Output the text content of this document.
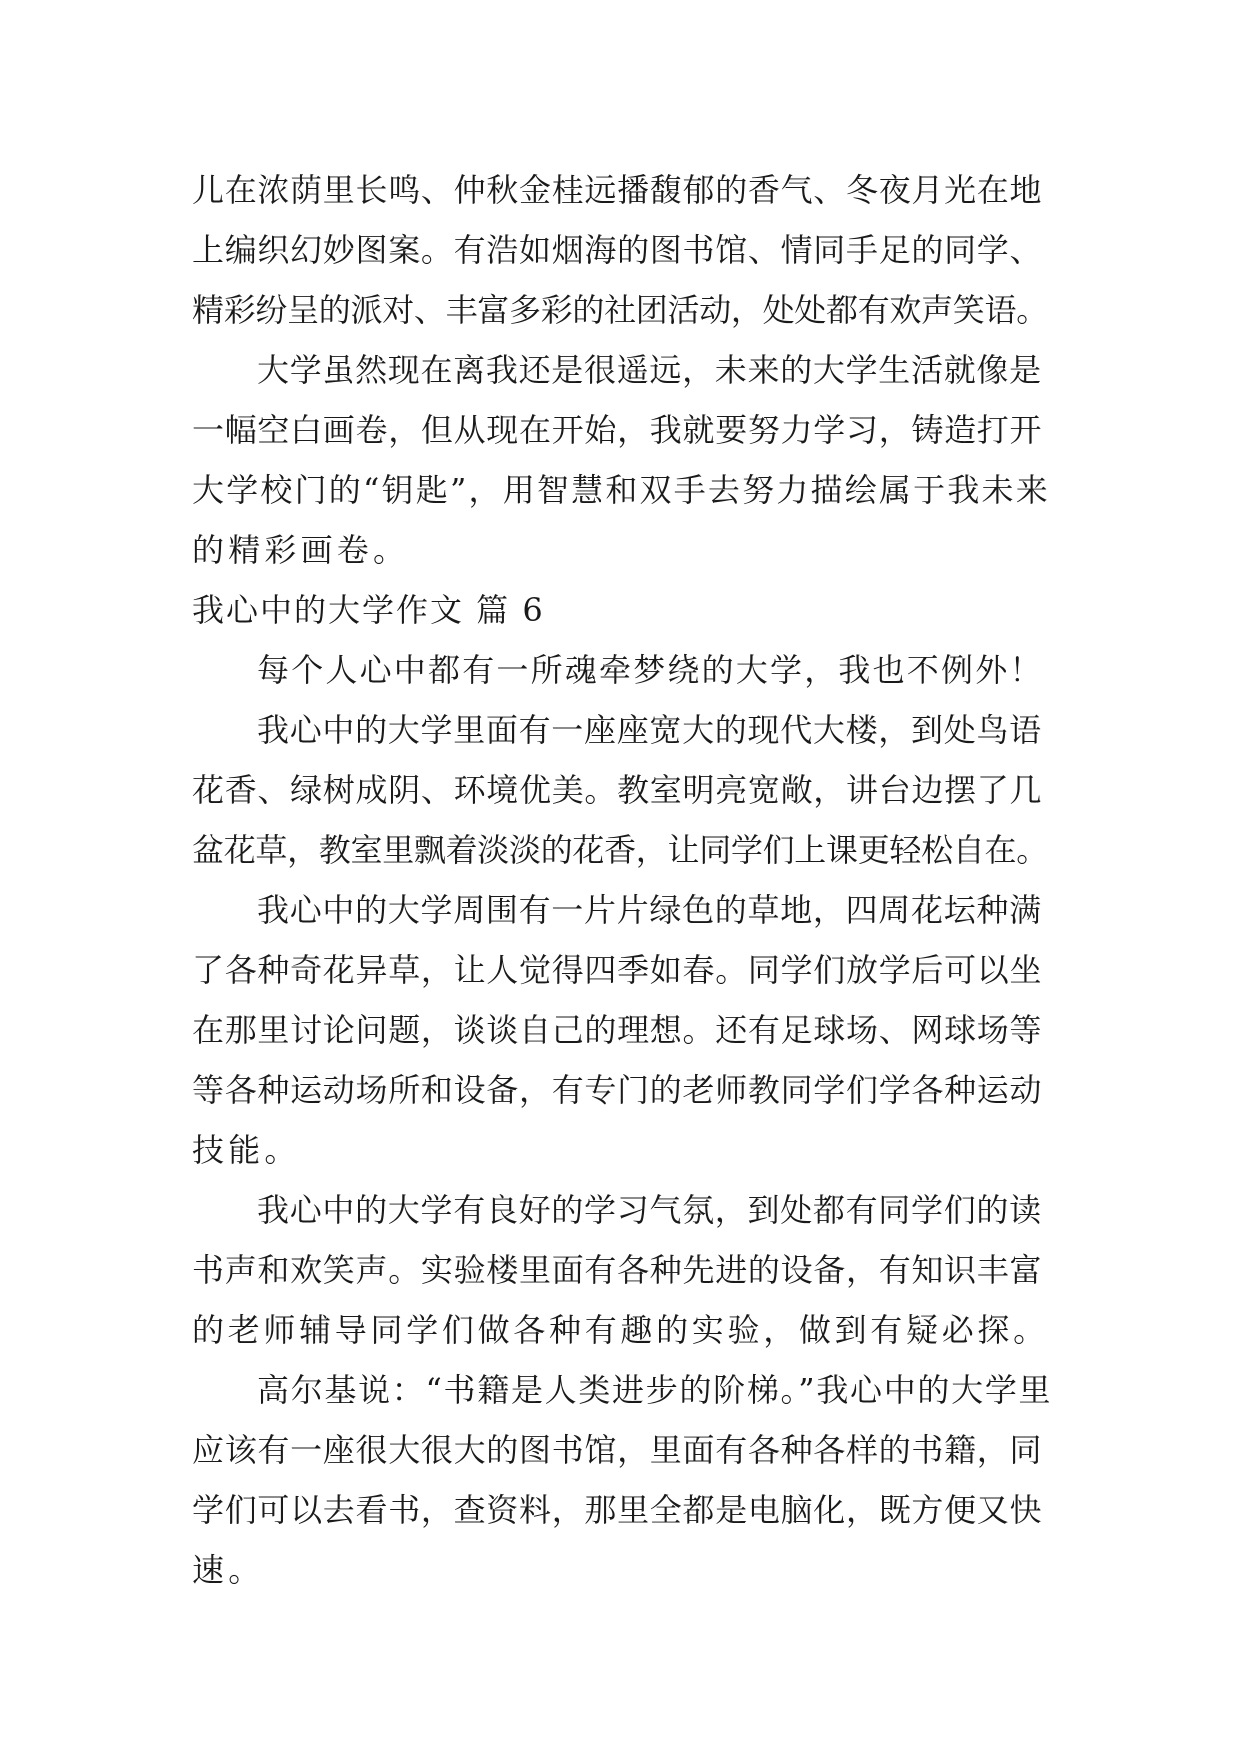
儿在浓荫里长鸣、仲秋金桂远播馥郁的香气、冬夜月光在地
上编织幻妙图案。有浩如烟海的图书馆、情同手足的同学、
精彩纷呈的派对、丰富多彩的社团活动，处处都有欢声笑语。
大学虽然现在离我还是很遥远，未来的大学生活就像是
一幅空白画卷，但从现在开始，我就要努力学习，铸造打开
大学校门的“钥匙”，用智慧和双手去努力描绘属于我未来
的精彩画卷。
我心中的大学作文 篇 6
每个人心中都有一所魂牵梦绕的大学，我也不例外！
我心中的大学里面有一座座宽大的现代大楼，到处鸟语
花香、绿树成阴、环境优美。教室明亮宽敞，讲台边摆了几
盆花草，教室里飘着淡淡的花香，让同学们上课更轻松自在。
我心中的大学周围有一片片绿色的草地，四周花坛种满
了各种奇花异草，让人觉得四季如春。同学们放学后可以坐
在那里讨论问题，谈谈自己的理想。还有足球场、网球场等
等各种运动场所和设备，有专门的老师教同学们学各种运动
技能。
我心中的大学有良好的学习气氛，到处都有同学们的读
书声和欢笑声。实验楼里面有各种先进的设备，有知识丰富
的老师辅导同学们做各种有趣的实验，做到有疑必探。
高尔基说：“书籍是人类进步的阶梯。”我心中的大学里
应该有一座很大很大的图书馆，里面有各种各样的书籍，同
学们可以去看书，查资料，那里全都是电脑化，既方便又快
速。
